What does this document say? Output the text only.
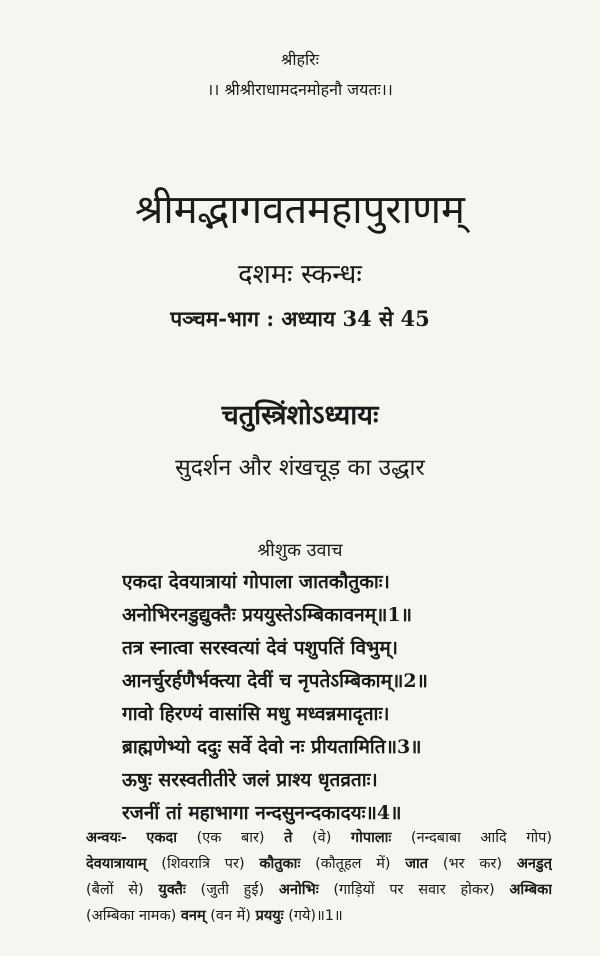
श्रीहरिः
।। श्रीश्रीराधामदनमोहनौ जयतः।।
श्रीमद्भागवतमहापुराणम्
दशमः स्कन्धः
पञ्चम-भाग : अध्याय 34 से 45
चतुस्त्रिंशोऽध्यायः
सुदर्शन और शंखचूड़ का उद्धार
श्रीशुक उवाच
एकदा देवयात्रायां गोपाला जातकौतुकाः।
अनोभिरनडुद्युक्तैः प्रययुस्तेऽम्बिकावनम्॥1॥
तत्र स्नात्वा सरस्वत्यां देवं पशुपतिं विभुम्।
आनर्चुरर्हणैर्भक्त्या देवीं च नृपतेऽम्बिकाम्॥2॥
गावो हिरण्यं वासांसि मधु मध्वन्नमादृताः।
ब्राह्मणेभ्यो ददुः सर्वे देवो नः प्रीयतामिति॥3॥
ऊषुः सरस्वतीतीरे जलं प्राश्य धृतव्रताः।
रजनीं तां महाभागा नन्दसुनन्दकादयः॥4॥
अन्वयः- एकदा (एक बार) ते (वे) गोपालाः (नन्दबाबा आदि गोप)
देवयात्रायाम् (शिवरात्रि पर) कौतुकाः (कौतूहल में) जात (भर कर) अनडुत्
(बैलों से) युक्तैः (जुती हुई) अनोभिः (गाड़ियों पर सवार होकर) अम्बिका
(अम्बिका नामक) वनम् (वन में) प्रययुः (गये)॥1॥
